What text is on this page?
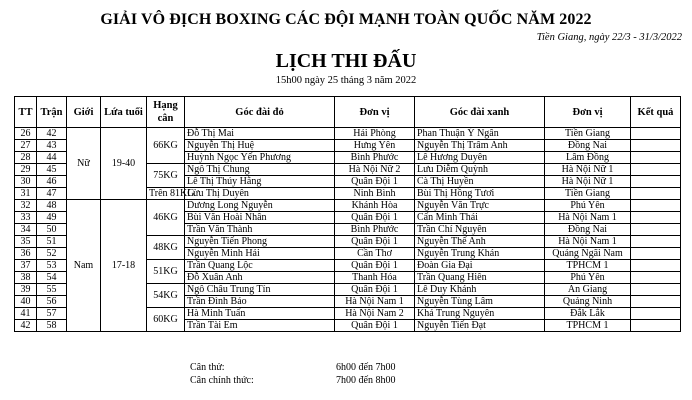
GIẢI VÔ ĐỊCH BOXING CÁC ĐỘI MẠNH TOÀN QUỐC NĂM 2022
Tiền Giang, ngày 22/3 - 31/3/2022
LỊCH THI ĐẤU
15h00 ngày 25 tháng 3 năm 2022
TT	Trận	Giới	Lứa tuổi	Hạng cân	Góc đài đỏ	Đơn vị	Góc đài xanh	Đơn vị	Kết quả
26	42	Nữ	19-40	66KG	Đỗ Thị Mai	Hải Phòng	Phan Thuận Ý Ngân	Tiền Giang	
27	43				Nguyễn Thị Huệ	Hưng Yên	Nguyễn Thị Trâm Anh	Đồng Nai	
28	44				Huỳnh Ngọc Yến Phương	Bình Phước	Lê Hương Duyên	Lâm Đồng	
29	45			75KG	Ngô Thị Chung	Hà Nội Nữ 2	Lưu Diễm Quỳnh	Hà Nội Nữ 1	
30	46				Lê Thị Thúy Hằng	Quân Đội 1	Cà Thị Huyền	Hà Nội Nữ 1	
31	47			Trên 81KG	Lừu Thị Duyên	Ninh Bình	Bùi Thị Hồng Tươi	Tiền Giang	
32	48	Nam	17-18	46KG	Dương Long Nguyễn	Khánh Hòa	Nguyễn Văn Trực	Phú Yên	
33	49				Bùi Văn Hoài Nhân	Quân Đội 1	Cấn Minh Thái	Hà Nội Nam 1	
34	50				Trần Văn Thành	Bình Phước	Trần Chí Nguyên	Đồng Nai	
35	51			48KG	Nguyễn Tiến Phong	Quân Đội 1	Nguyễn Thế Anh	Hà Nội Nam 1	
36	52				Nguyễn Minh Hải	Cần Thơ	Nguyễn Trung Khán	Quảng Ngãi Nam	
37	53			51KG	Trần Quang Lộc	Quân Đội 1	Đoàn Gia Đại	TPHCM 1	
38	54				Đỗ Xuân Anh	Thanh Hóa	Trần Quang Hiên	Phú Yên	
39	55			54KG	Ngô Châu Trung Tín	Quân Đội 1	Lê Duy Khánh	An Giang	
40	56				Trần Đình Bảo	Hà Nội Nam 1	Nguyễn Tùng Lâm	Quảng Ninh	
41	57			60KG	Hà Minh Tuấn	Hà Nội Nam 2	Khả Trung Nguyên	Đắk Lắk	
42	58				Trần Tài Em	Quân Đội 1	Nguyễn Tiến Đạt	TPHCM 1	
Cân thử:	6h00 đến 7h00
Cân chính thức:	7h00 đến 8h00
